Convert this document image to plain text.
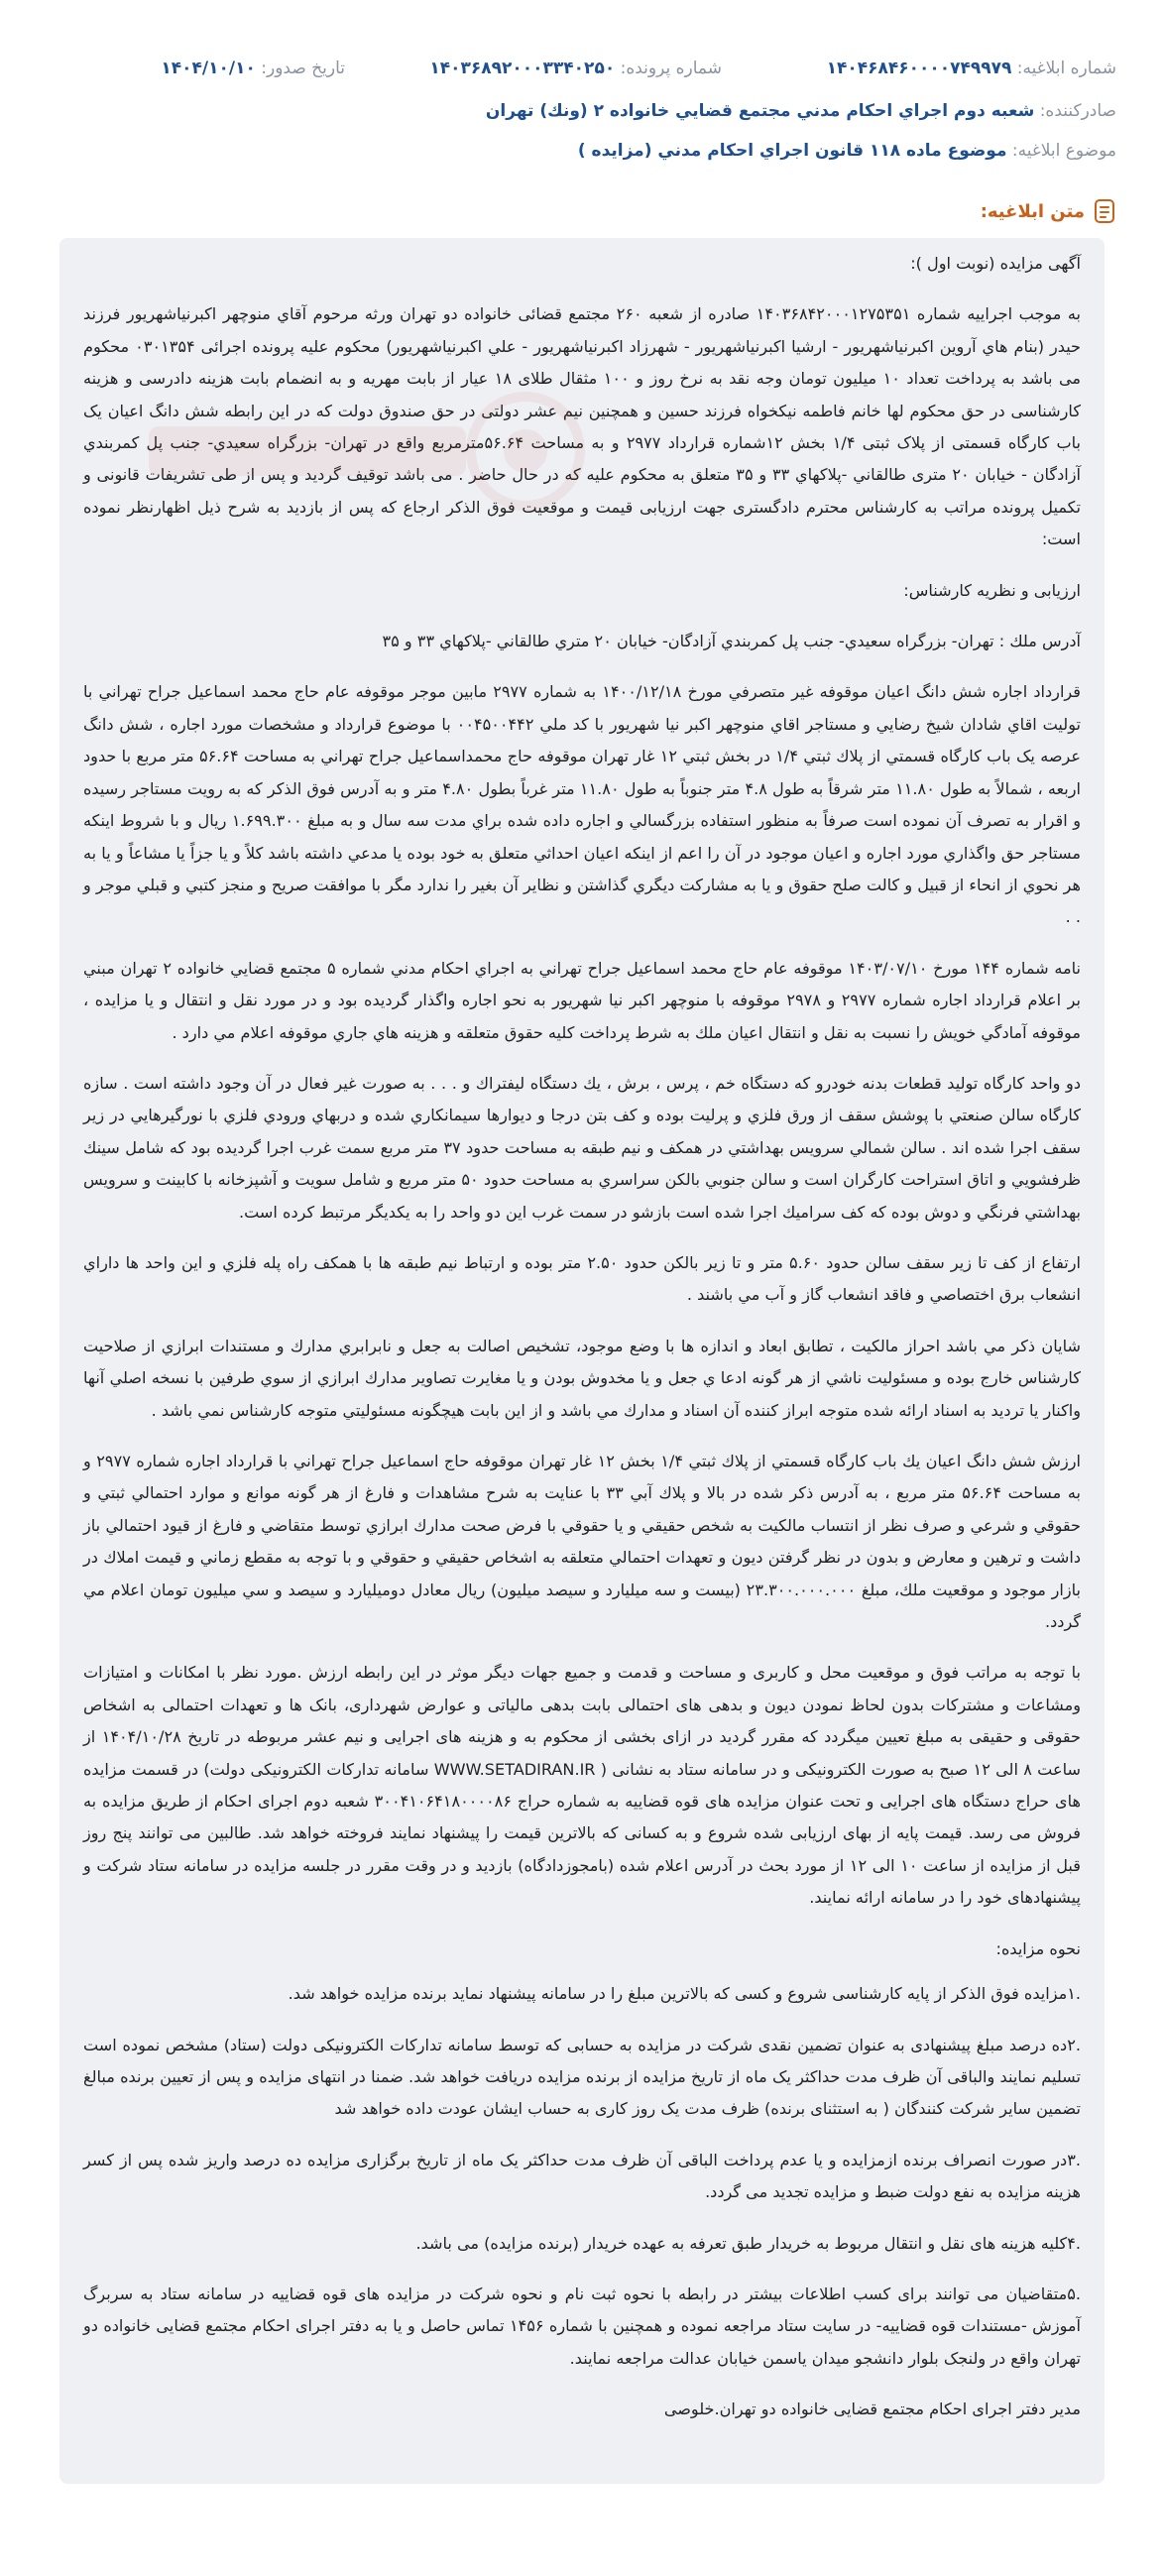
شماره ابلاغیه: ۱۴۰۴۶۸۴۶۰۰۰۰۷۴۹۹۷۹
شماره پرونده: ۱۴۰۳۶۸۹۲۰۰۰۳۳۴۰۲۵۰
تاریخ صدور: ۱۴۰۴/۱۰/۱۰
صادرکننده: شعبه دوم اجراي احكام مدني مجتمع قضايي خانواده ۲ (ونك) تهران
موضوع ابلاغیه: موضوع ماده ۱۱۸ قانون اجراي احکام مدني (مزايده )
متن ابلاغیه:

آگهی مزایده (نوبت اول ):

به موجب اجراییه شماره ۱۴۰۳۶۸۴۲۰۰۰۱۲۷۵۳۵۱ صادره از شعبه ۲۶۰ مجتمع قضائی خانواده دو تهران ورثه مرحوم آقاي منوچهر اكبرنياشهريور فرزند حيدر (بنام هاي آروين اکبرنياشهريور - ارشيا اكبرنياشهريور - شهرزاد اکبرنياشهريور - علي اكبرنياشهريور) محکوم علیه پرونده اجرائی ۰۳۰۱۳۵۴ محکوم می باشد به پرداخت تعداد ۱۰ میلیون تومان وجه نقد به نرخ روز و ۱۰۰ مثقال طلای ۱۸ عیار از بابت مهریه و به انضمام بابت هزینه دادرسی و هزینه کارشناسی در حق محکوم لها خانم فاطمه نیکخواه فرزند حسین و همچنین نیم عشر دولتی در حق صندوق دولت که در این رابطه شش دانگ اعیان یک باب کارگاه قسمتی از پلاک ثبتی ۱/۴ بخش ۱۲شماره قرارداد ۲۹۷۷ و به مساحت ۵۶.۶۴مترمربع واقع در تهران- بزرگراه سعیدي- جنب پل کمربندي آزادگان - خیابان ۲۰ متری طالقاني -پلاکهاي ۳۳ و ۳۵ متعلق به محکوم علیه که در حال حاضر . می باشد توقیف گردید و پس از طی تشریفات قانونی و تکمیل پرونده مراتب به کارشناس محترم دادگستری جهت ارزیابی قیمت و موقعیت فوق الذکر ارجاع که پس از بازدید به شرح ذیل اظهارنظر نموده است:

ارزیابی و نظریه کارشناس:

آدرس ملك : تهران- بزرگراه سعيدي- جنب پل كمربندي آزادگان- خيابان ۲۰ متري طالقاني -پلاكهاي ۳۳ و ۳۵

قرارداد اجاره شش دانگ اعیان موقوفه غير متصرفي مورخ ۱۴۰۰/۱۲/۱۸ به شماره ۲۹۷۷ مابين موجر موقوفه عام حاج محمد اسماعيل جراح تهراني با توليت اقاي شادان شيخ رضايي و مستاجر اقاي منوچهر اكبر نيا شهريور با كد ملي ۰۰۴۵۰۰۴۴۲ با موضوع قرارداد و مشخصات مورد اجاره ، شش دانگ عرصه یک باب کارگاه قسمتي از پلاك ثبتي ۱/۴ در بخش ثبتي ۱۲ غار تهران موقوفه حاج محمداسماعیل جراح تهراني به مساحت ۵۶.۶۴ متر مربع با حدود اربعه ، شمالاً به طول ۱۱.۸۰ متر شرقاً به طول ۴.۸ متر جنوباً به طول ۱۱.۸۰ متر غرباً بطول ۴.۸۰ متر و به آدرس فوق الذکر که به رويت مستاجر رسيده و اقرار به تصرف آن نموده است صرفاً به منظور استفاده بزرگسالي و اجاره داده شده براي مدت سه سال و به مبلغ ۱.۶۹۹.۳۰۰ ريال و با شروط اينكه مستاجر حق واگذاري مورد اجاره و اعيان موجود در آن را اعم از اينكه اعيان احداثي متعلق به خود بوده يا مدعي داشته باشد كلاً و يا جزاً يا مشاعاً و يا به هر نحوي از انحاء از قبيل و كالت صلح حقوق و يا به مشاركت ديگري گذاشتن و نظاير آن بغير را ندارد مگر با موافقت صريح و منجز كتبي و قبلي موجر و . .

نامه شماره ۱۴۴ مورخ ۱۴۰۳/۰۷/۱۰ موقوفه عام حاج محمد اسماعيل جراح تهراني به اجراي احكام مدني شماره ۵ مجتمع قضايي خانواده ۲ تهران مبني بر اعلام قرارداد اجاره شماره ۲۹۷۷ و ۲۹۷۸ موقوفه با منوچهر اكبر نيا شهريور به نحو اجاره واگذار گرديده بود و در مورد نقل و انتقال و يا مزايده ، موقوفه آمادگي خويش را نسبت به نقل و انتقال اعيان ملك به شرط پرداخت كليه حقوق متعلقه و هزينه هاي جاري موقوفه اعلام مي دارد .

دو واحد كارگاه توليد قطعات بدنه خودرو كه دستگاه خم ، پرس ، برش ، يك دستگاه ليفتراك و . . . به صورت غير فعال در آن وجود داشته است . سازه كارگاه سالن صنعتي با پوشش سقف از ورق فلزي و پرليت بوده و كف بتن درجا و ديوارها سيمانكاري شده و دربهاي ورودي فلزي با نورگيرهايي در زير سقف اجرا شده اند . سالن شمالي سرويس بهداشتي در همكف و نيم طبقه به مساحت حدود ۳۷ متر مربع سمت غرب اجرا گرديده بود كه شامل سينك ظرفشويي و اتاق استراحت كارگران است و سالن جنوبي بالكن سراسري به مساحت حدود ۵۰ متر مربع و شامل سويت و آشپزخانه با كابينت و سرويس بهداشتي فرنگي و دوش بوده كه كف سراميك اجرا شده است بازشو در سمت غرب اين دو واحد را به يكديگر مرتبط كرده است.

ارتفاع از كف تا زير سقف سالن حدود ۵.۶۰ متر و تا زير بالكن حدود ۲.۵۰ متر بوده و ارتباط نيم طبقه ها با همكف راه پله فلزي و اين واحد ها داراي انشعاب برق اختصاصي و فاقد انشعاب گاز و آب مي باشند .

شايان ذكر مي باشد احراز مالكيت ، تطابق ابعاد و اندازه ها با وضع موجود، تشخيص اصالت به جعل و نابرابري مدارك و مستندات ابرازي از صلاحيت كارشناس خارج بوده و مسئوليت ناشي از هر گونه ادعا ي جعل و يا مخدوش بودن و يا مغايرت تصاوير مدارك ابرازي از سوي طرفين با نسخه اصلي آنها واكنار يا ترديد به اسناد ارائه شده متوجه ابراز كننده آن اسناد و مدارك مي باشد و از اين بابت هيچگونه مسئوليتي متوجه كارشناس نمي باشد .

ارزش شش دانگ اعيان يك باب كارگاه قسمتي از پلاك ثبتي ۱/۴ بخش ۱۲ غار تهران موقوفه حاج اسماعيل جراح تهراني با قرارداد اجاره شماره ۲۹۷۷ و به مساحت ۵۶.۶۴ متر مربع ، به آدرس ذكر شده در بالا و پلاك آبي ۳۳ با عنايت به شرح مشاهدات و فارغ از هر گونه موانع و موارد احتمالي ثبتي و حقوقي و شرعي و صرف نظر از انتساب مالكيت به شخص حقيقي و يا حقوقي با فرض صحت مدارك ابرازي توسط متقاضي و فارغ از قيود احتمالي باز داشت و ترهين و معارض و بدون در نظر گرفتن ديون و تعهدات احتمالي متعلقه به اشخاص حقيقي و حقوقي و با توجه به مقطع زماني و قيمت املاك در بازار موجود و موقعيت ملك، مبلغ ۲۳.۳۰۰.۰۰۰.۰۰۰ (بيست و سه ميليارد و سيصد ميليون) ريال معادل دوميليارد و سيصد و سي ميليون تومان اعلام مي گردد.

با توجه به مراتب فوق و موقعیت محل و کاربری و مساحت و قدمت و جمیع جهات دیگر موثر در این رابطه ارزش .مورد نظر با امکانات و امتیازات ومشاعات و مشترکات بدون لحاظ نمودن دیون و بدهی های احتمالی بابت بدهی مالیاتی و عوارض شهرداری، بانک ها و تعهدات احتمالی به اشخاص حقوقی و حقیقی به مبلغ تعیین میگردد که مقرر گردید در ازای بخشی از محکوم به و هزینه های اجرایی و نیم عشر مربوطه در تاریخ ۱۴۰۴/۱۰/۲۸ از ساعت ۸ الی ۱۲ صبح به صورت الکترونیکی و در سامانه ستاد به نشانی ( WWW.SETADIRAN.IR سامانه تدارکات الکترونیکی دولت) در قسمت مزایده های حراج دستگاه های اجرایی و تحت عنوان مزایده های قوه قضاییه به شماره حراج ۳۰۰۴۱۰۶۴۱۸۰۰۰۰۸۶ شعبه دوم اجرای احکام از طریق مزایده به فروش می رسد. قیمت پایه از بهای ارزیابی شده شروع و به کسانی که بالاترین قیمت را پیشنهاد نمایند فروخته خواهد شد. طالبین می توانند پنج روز قبل از مزایده از ساعت ۱۰ الی ۱۲ از مورد بحث در آدرس اعلام شده (بامجوزدادگاه) بازدید و در وقت مقرر در جلسه مزایده در سامانه ستاد شرکت و پیشنهادهای خود را در سامانه ارائه نمایند.

نحوه مزایده:

.۱مزایده فوق الذکر از پایه کارشناسی شروع و کسی که بالاترین مبلغ را در سامانه پیشنهاد نماید برنده مزایده خواهد شد.

.۲ده درصد مبلغ پیشنهادی به عنوان تضمین نقدی شرکت در مزایده به حسابی که توسط سامانه تدارکات الکترونیکی دولت (ستاد) مشخص نموده است تسلیم نمایند والباقی آن ظرف مدت حداکثر یک ماه از تاریخ مزایده از برنده مزایده دریافت خواهد شد. ضمنا در انتهای مزایده و پس از تعیین برنده مبالغ تضمین سایر شرکت کنندگان ( به استثنای برنده) ظرف مدت یک روز کاری به حساب ایشان عودت داده خواهد شد

.۳در صورت انصراف برنده ازمزایده و یا عدم پرداخت الباقی آن ظرف مدت حداکثر یک ماه از تاریخ برگزاری مزایده ده درصد واریز شده پس از کسر هزینه مزایده به نفع دولت ضبط و مزایده تجدید می گردد.

.۴کلیه هزینه های نقل و انتقال مربوط به خریدار طبق تعرفه به عهده خریدار (برنده مزایده) می باشد.

.۵متقاضیان می توانند برای کسب اطلاعات بیشتر در رابطه با نحوه ثبت نام و نحوه شرکت در مزایده های قوه قضاییه در سامانه ستاد به سربرگ آموزش -مستندات قوه قضاییه- در سایت ستاد مراجعه نموده و همچنین با شماره ۱۴۵۶ تماس حاصل و یا به دفتر اجرای احکام مجتمع قضایی خانواده دو تهران واقع در ولنجک بلوار دانشجو میدان یاسمن خیابان عدالت مراجعه نمایند.

مدیر دفتر اجرای احکام مجتمع قضایی خانواده دو تهران.خلوصی
